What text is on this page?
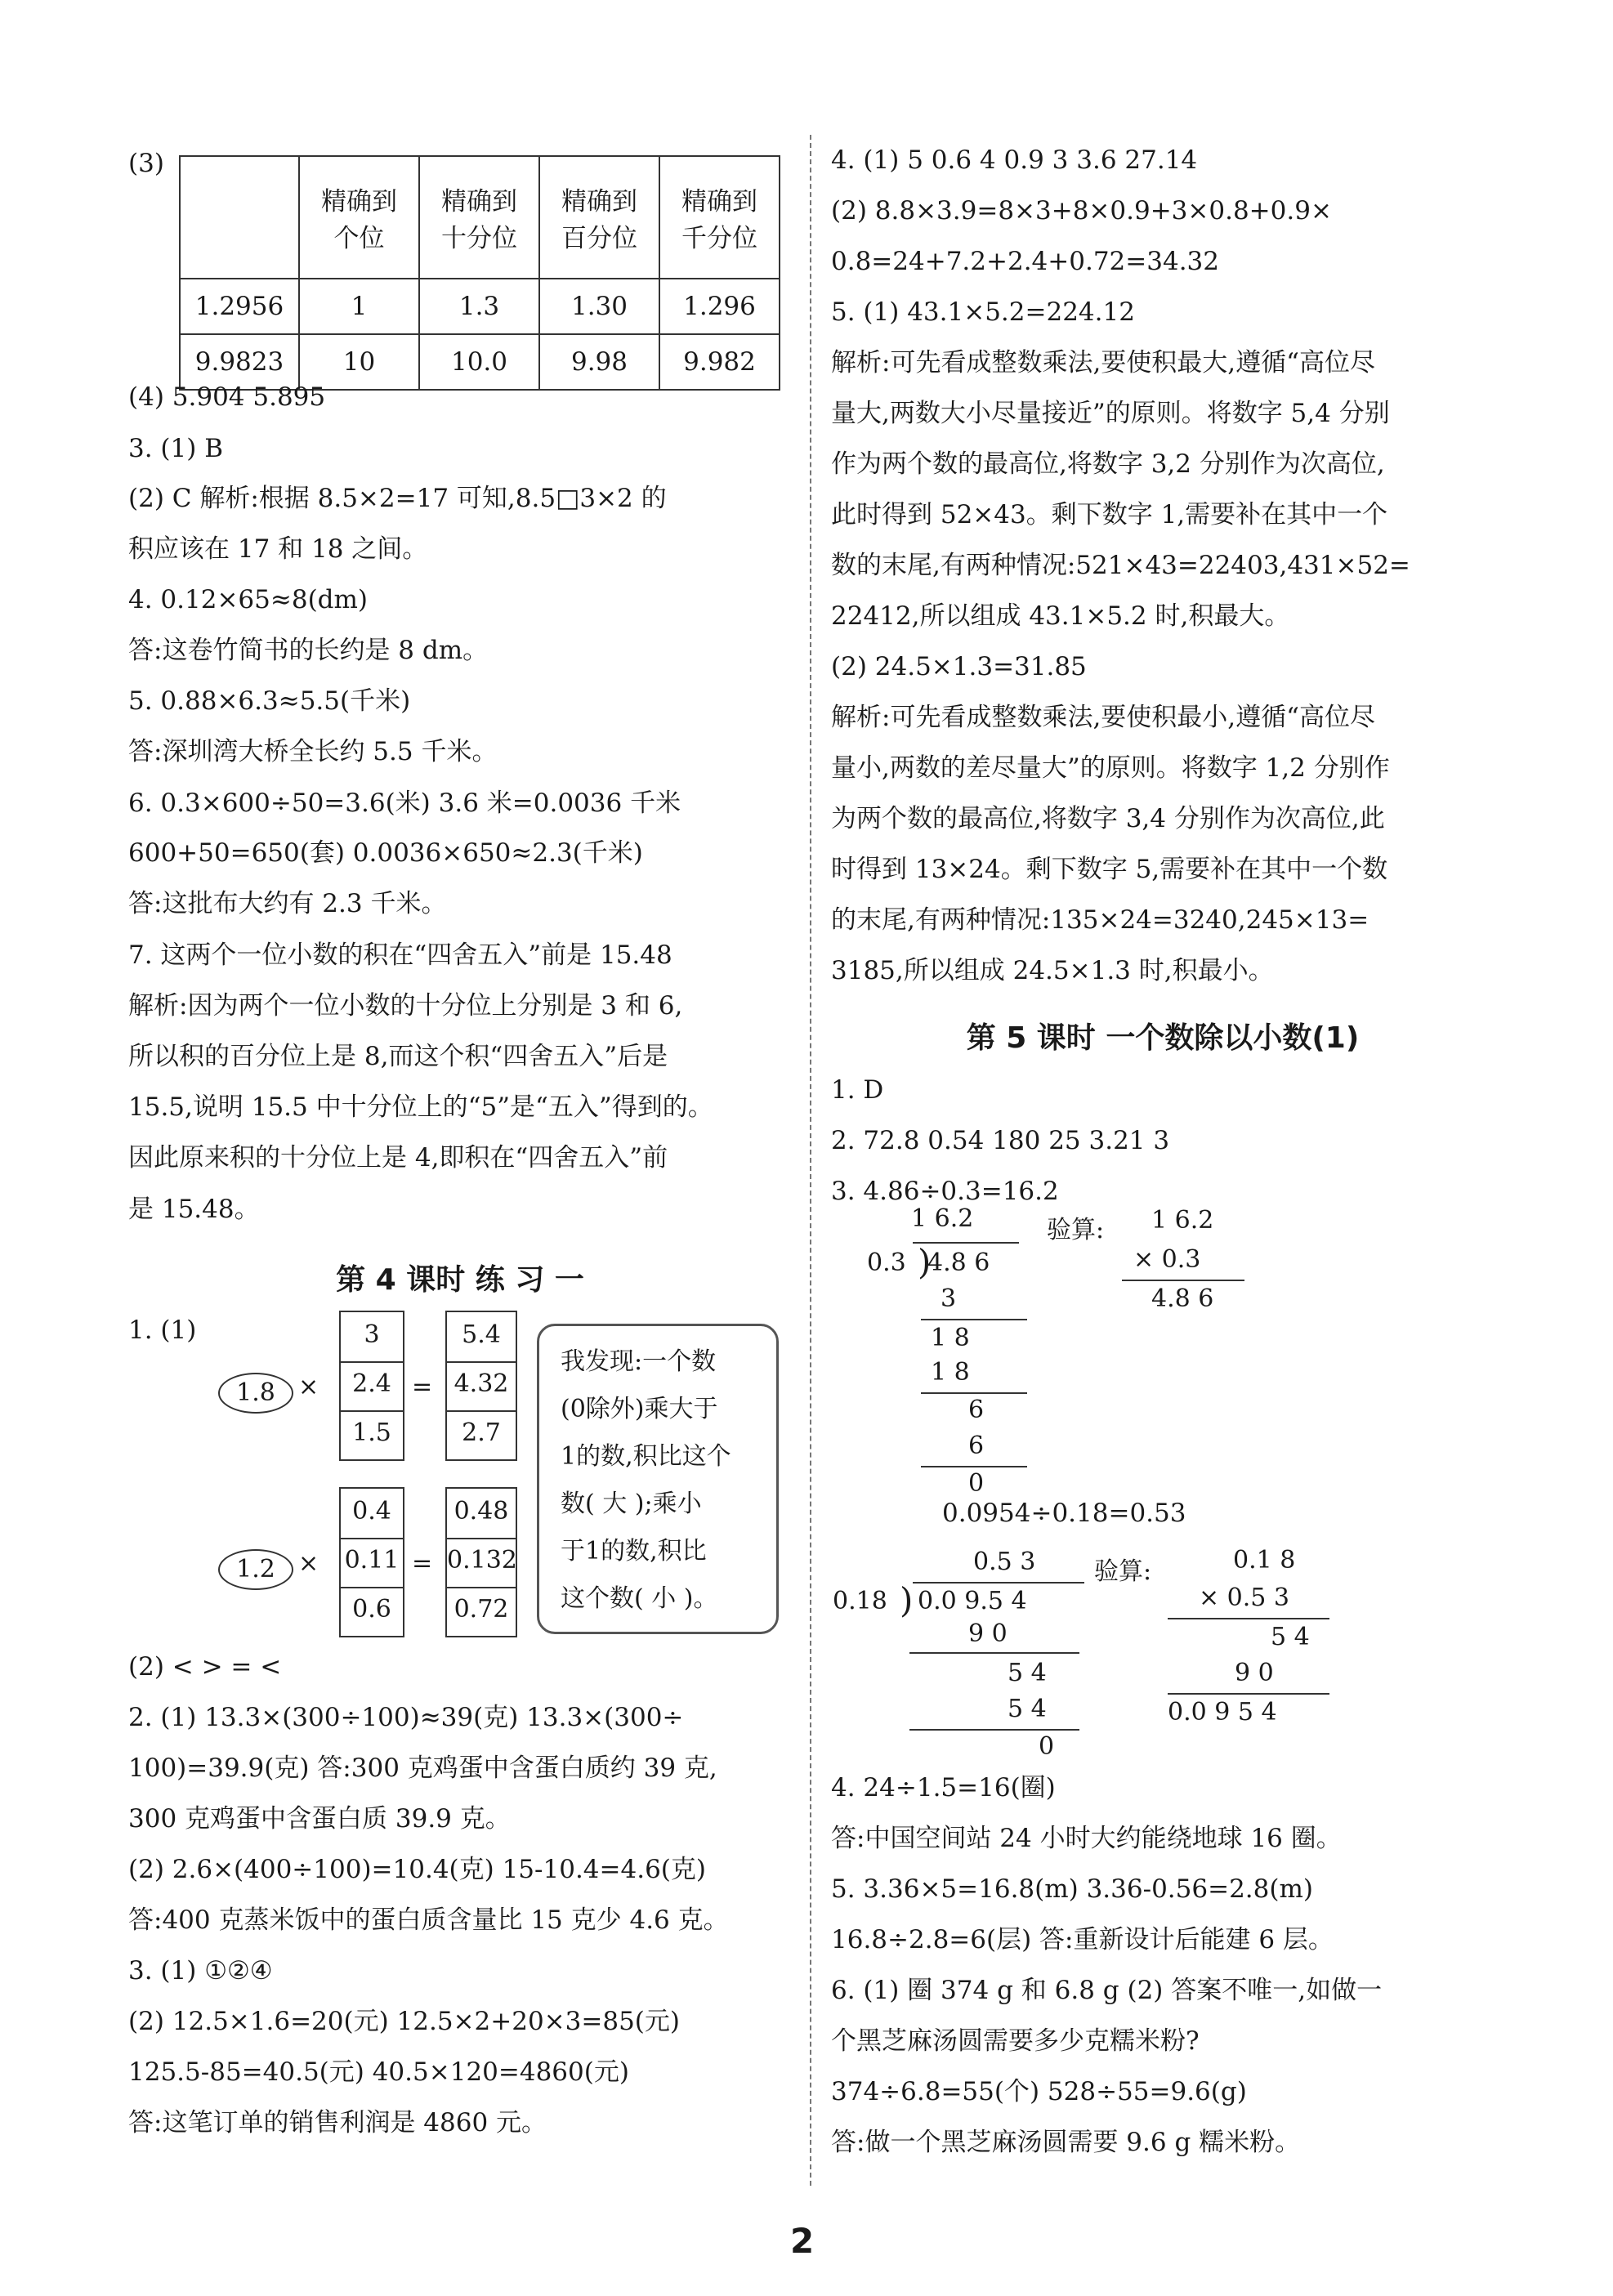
(3)
	精确到
个位	精确到
十分位	精确到
百分位	精确到
千分位
1.2956	1	1.3	1.30	1.296
9.9823	10	10.0	9.98	9.982
(4) 5.904 5.895
3. (1) B
(2) C 解析:根据 8.5×2=17 可知,8.5□3×2 的
积应该在 17 和 18 之间。
4. 0.12×65≈8(dm)
答:这卷竹简书的长约是 8 dm。
5. 0.88×6.3≈5.5(千米)
答:深圳湾大桥全长约 5.5 千米。
6. 0.3×600÷50=3.6(米) 3.6 米=0.0036 千米
600+50=650(套) 0.0036×650≈2.3(千米)
答:这批布大约有 2.3 千米。
7. 这两个一位小数的积在“四舍五入”前是 15.48
解析:因为两个一位小数的十分位上分别是 3 和 6,
所以积的百分位上是 8,而这个积“四舍五入”后是
15.5,说明 15.5 中十分位上的“5”是“五入”得到的。
因此原来积的十分位上是 4,即积在“四舍五入”前
是 15.48。
第 4 课时 练 习 一
1. (1)
1.8 ×
3
2.4
1.5
=
5.4
4.32
2.7
1.2 ×
0.4
0.11
0.6
=
0.48
0.132
0.72
我发现:一个数
(0除外)乘大于
1的数,积比这个
数( 大 );乘小
于1的数,积比
这个数( 小 )。
(2) < > = <
2. (1) 13.3×(300÷100)≈39(克) 13.3×(300÷
100)=39.9(克) 答:300 克鸡蛋中含蛋白质约 39 克,
300 克鸡蛋中含蛋白质 39.9 克。
(2) 2.6×(400÷100)=10.4(克) 15-10.4=4.6(克)
答:400 克蒸米饭中的蛋白质含量比 15 克少 4.6 克。
3. (1) ①②④
(2) 12.5×1.6=20(元) 12.5×2+20×3=85(元)
125.5-85=40.5(元) 40.5×120=4860(元)
答:这笔订单的销售利润是 4860 元。
4. (1) 5 0.6 4 0.9 3 3.6 27.14
(2) 8.8×3.9=8×3+8×0.9+3×0.8+0.9×
0.8=24+7.2+2.4+0.72=34.32
5. (1) 43.1×5.2=224.12
解析:可先看成整数乘法,要使积最大,遵循“高位尽
量大,两数大小尽量接近”的原则。将数字 5,4 分别
作为两个数的最高位,将数字 3,2 分别作为次高位,
此时得到 52×43。剩下数字 1,需要补在其中一个
数的末尾,有两种情况:521×43=22403,431×52=
22412,所以组成 43.1×5.2 时,积最大。
(2) 24.5×1.3=31.85
解析:可先看成整数乘法,要使积最小,遵循“高位尽
量小,两数的差尽量大”的原则。将数字 1,2 分别作
为两个数的最高位,将数字 3,4 分别作为次高位,此
时得到 13×24。剩下数字 5,需要补在其中一个数
的末尾,有两种情况:135×24=3240,245×13=
3185,所以组成 24.5×1.3 时,积最小。
第 5 课时 一个数除以小数(1)
1. D
2. 72.8 0.54 180 25 3.21 3
3. 4.86÷0.3=16.2
1 6.2
0.3 )
4.8 6
3
1 8
1 8
6
6
0
验算: 1 6.2
× 0.3
4.8 6
0.0954÷0.18=0.53
0.5 3
0.18 ) 0.0 9.5 4
9 0
5 4
5 4
0
验算:	0.1 8
× 0.5 3
5 4
9 0
0.0 9 5 4
4. 24÷1.5=16(圈)
答:中国空间站 24 小时大约能绕地球 16 圈。
5. 3.36×5=16.8(m) 3.36-0.56=2.8(m)
16.8÷2.8=6(层) 答:重新设计后能建 6 层。
6. (1) 圈 374 g 和 6.8 g (2) 答案不唯一,如做一
个黑芝麻汤圆需要多少克糯米粉?
374÷6.8=55(个) 528÷55=9.6(g)
答:做一个黑芝麻汤圆需要 9.6 g 糯米粉。
2
